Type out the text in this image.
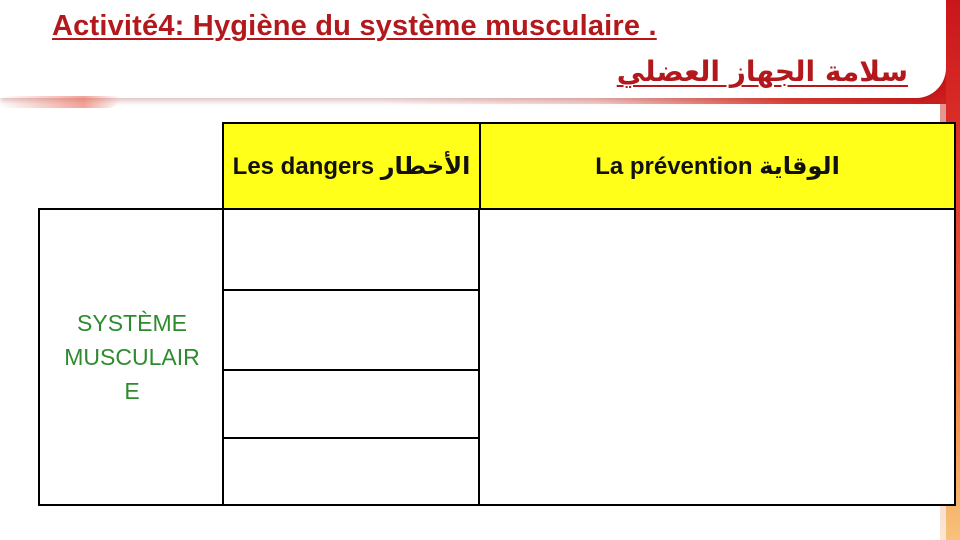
Activité4: Hygiène du système musculaire .
سلامة الجهاز العضلي
Les dangers الأخطار	La prévention الوقاية
SYSTÈME
MUSCULAIR
E
